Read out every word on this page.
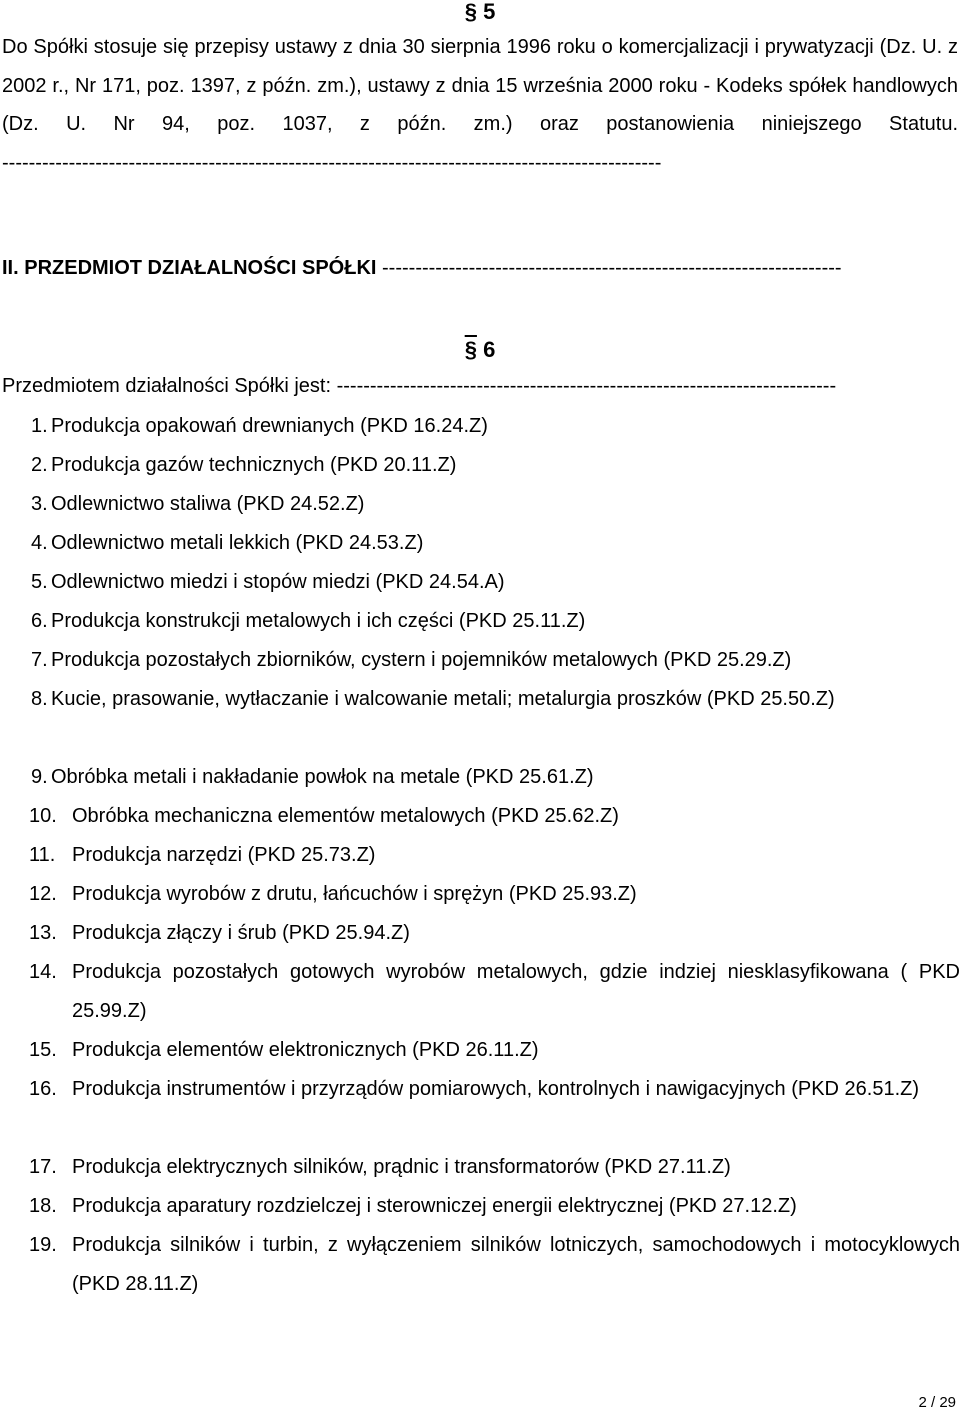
§ 5

Do Spółki stosuje się przepisy ustawy z dnia 30 sierpnia 1996 roku o komercjalizacji i prywatyzacji (Dz. U. z 2002 r., Nr 171, poz. 1397, z późn. zm.), ustawy z dnia 15 września 2000 roku - Kodeks spółek handlowych (Dz. U. Nr 94, poz. 1037, z późn. zm.) oraz postanowienia niniejszego Statutu. ---------------------------------------------------------------------------------------------------

II. PRZEDMIOT DZIAŁALNOŚCI SPÓŁKI ---------------------------------------------------------------------
§ 6
Przedmiotem działalności Spółki jest: ---------------------------------------------------------------------------
1. Produkcja opakowań drewnianych (PKD 16.24.Z)
2. Produkcja gazów technicznych (PKD 20.11.Z)
3. Odlewnictwo staliwa (PKD 24.52.Z)
4. Odlewnictwo metali lekkich (PKD 24.53.Z)
5. Odlewnictwo miedzi i stopów miedzi (PKD 24.54.A)
6. Produkcja konstrukcji metalowych i ich części (PKD 25.11.Z)
7. Produkcja pozostałych zbiorników, cystern i pojemników metalowych (PKD 25.29.Z)
8. Kucie, prasowanie, wytłaczanie i walcowanie metali; metalurgia proszków (PKD 25.50.Z)
9. Obróbka metali i nakładanie powłok na metale (PKD 25.61.Z)
10. Obróbka mechaniczna elementów metalowych (PKD 25.62.Z)
11. Produkcja narzędzi (PKD 25.73.Z)
12. Produkcja wyrobów z drutu, łańcuchów i sprężyn (PKD 25.93.Z)
13. Produkcja złączy i śrub (PKD 25.94.Z)
14. Produkcja pozostałych gotowych wyrobów metalowych, gdzie indziej niesklasyfikowana ( PKD 25.99.Z)
15. Produkcja elementów elektronicznych (PKD 26.11.Z)
16. Produkcja instrumentów i przyrządów pomiarowych, kontrolnych i nawigacyjnych (PKD 26.51.Z)
17. Produkcja elektrycznych silników, prądnic i transformatorów (PKD 27.11.Z)
18. Produkcja aparatury rozdzielczej i sterowniczej energii elektrycznej (PKD 27.12.Z)
19. Produkcja silników i turbin, z wyłączeniem silników lotniczych, samochodowych i motocyklowych (PKD 28.11.Z)
2 / 29
